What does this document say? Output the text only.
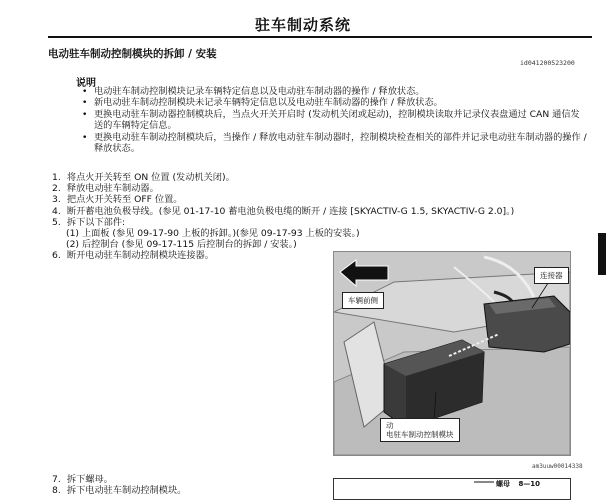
驻车制动系统
电动驻车制动控制模块的拆卸 / 安装
id041200523200
说明
• 电动驻车制动控制模块记录车辆特定信息以及电动驻车制动器的操作 / 释放状态。
• 新电动驻车制动控制模块未记录车辆特定信息以及电动驻车制动器的操作 / 释放状态。
• 更换电动驻车制动器控制模块后，当点火开关开启时 (发动机关闭或起动)，控制模块读取并记录仪表盘通过 CAN 通信发送的车辆特定信息。
• 更换电动驻车制动控制模块后，当操作 / 释放电动驻车制动器时，控制模块检查相关的部件并记录电动驻车制动器的操作 / 释放状态。
1. 将点火开关转至 ON 位置 (发动机关闭)。
2. 释放电动驻车制动器。
3. 把点火开关转至 OFF 位置。
4. 断开蓄电池负极导线。(参见 01-17-10 蓄电池负极电缆的断开 / 连接 [SKYACTIV-G 1.5, SKYACTIV-G 2.0]。)
5. 拆下以下部件:
(1) 上面板 (参见 09-17-90 上板的拆卸。)(参见 09-17-93 上板的安装。)
(2) 后控制台 (参见 09-17-115 后控制台的拆卸 / 安装。)
6. 断开电动驻车制动控制模块连接器。
连接器
车辆前侧
动
电驻车制动控制模块
am3uuw00014338
7. 拆下螺母。
8. 拆下电动驻车制动控制模块。
螺母 8—10
